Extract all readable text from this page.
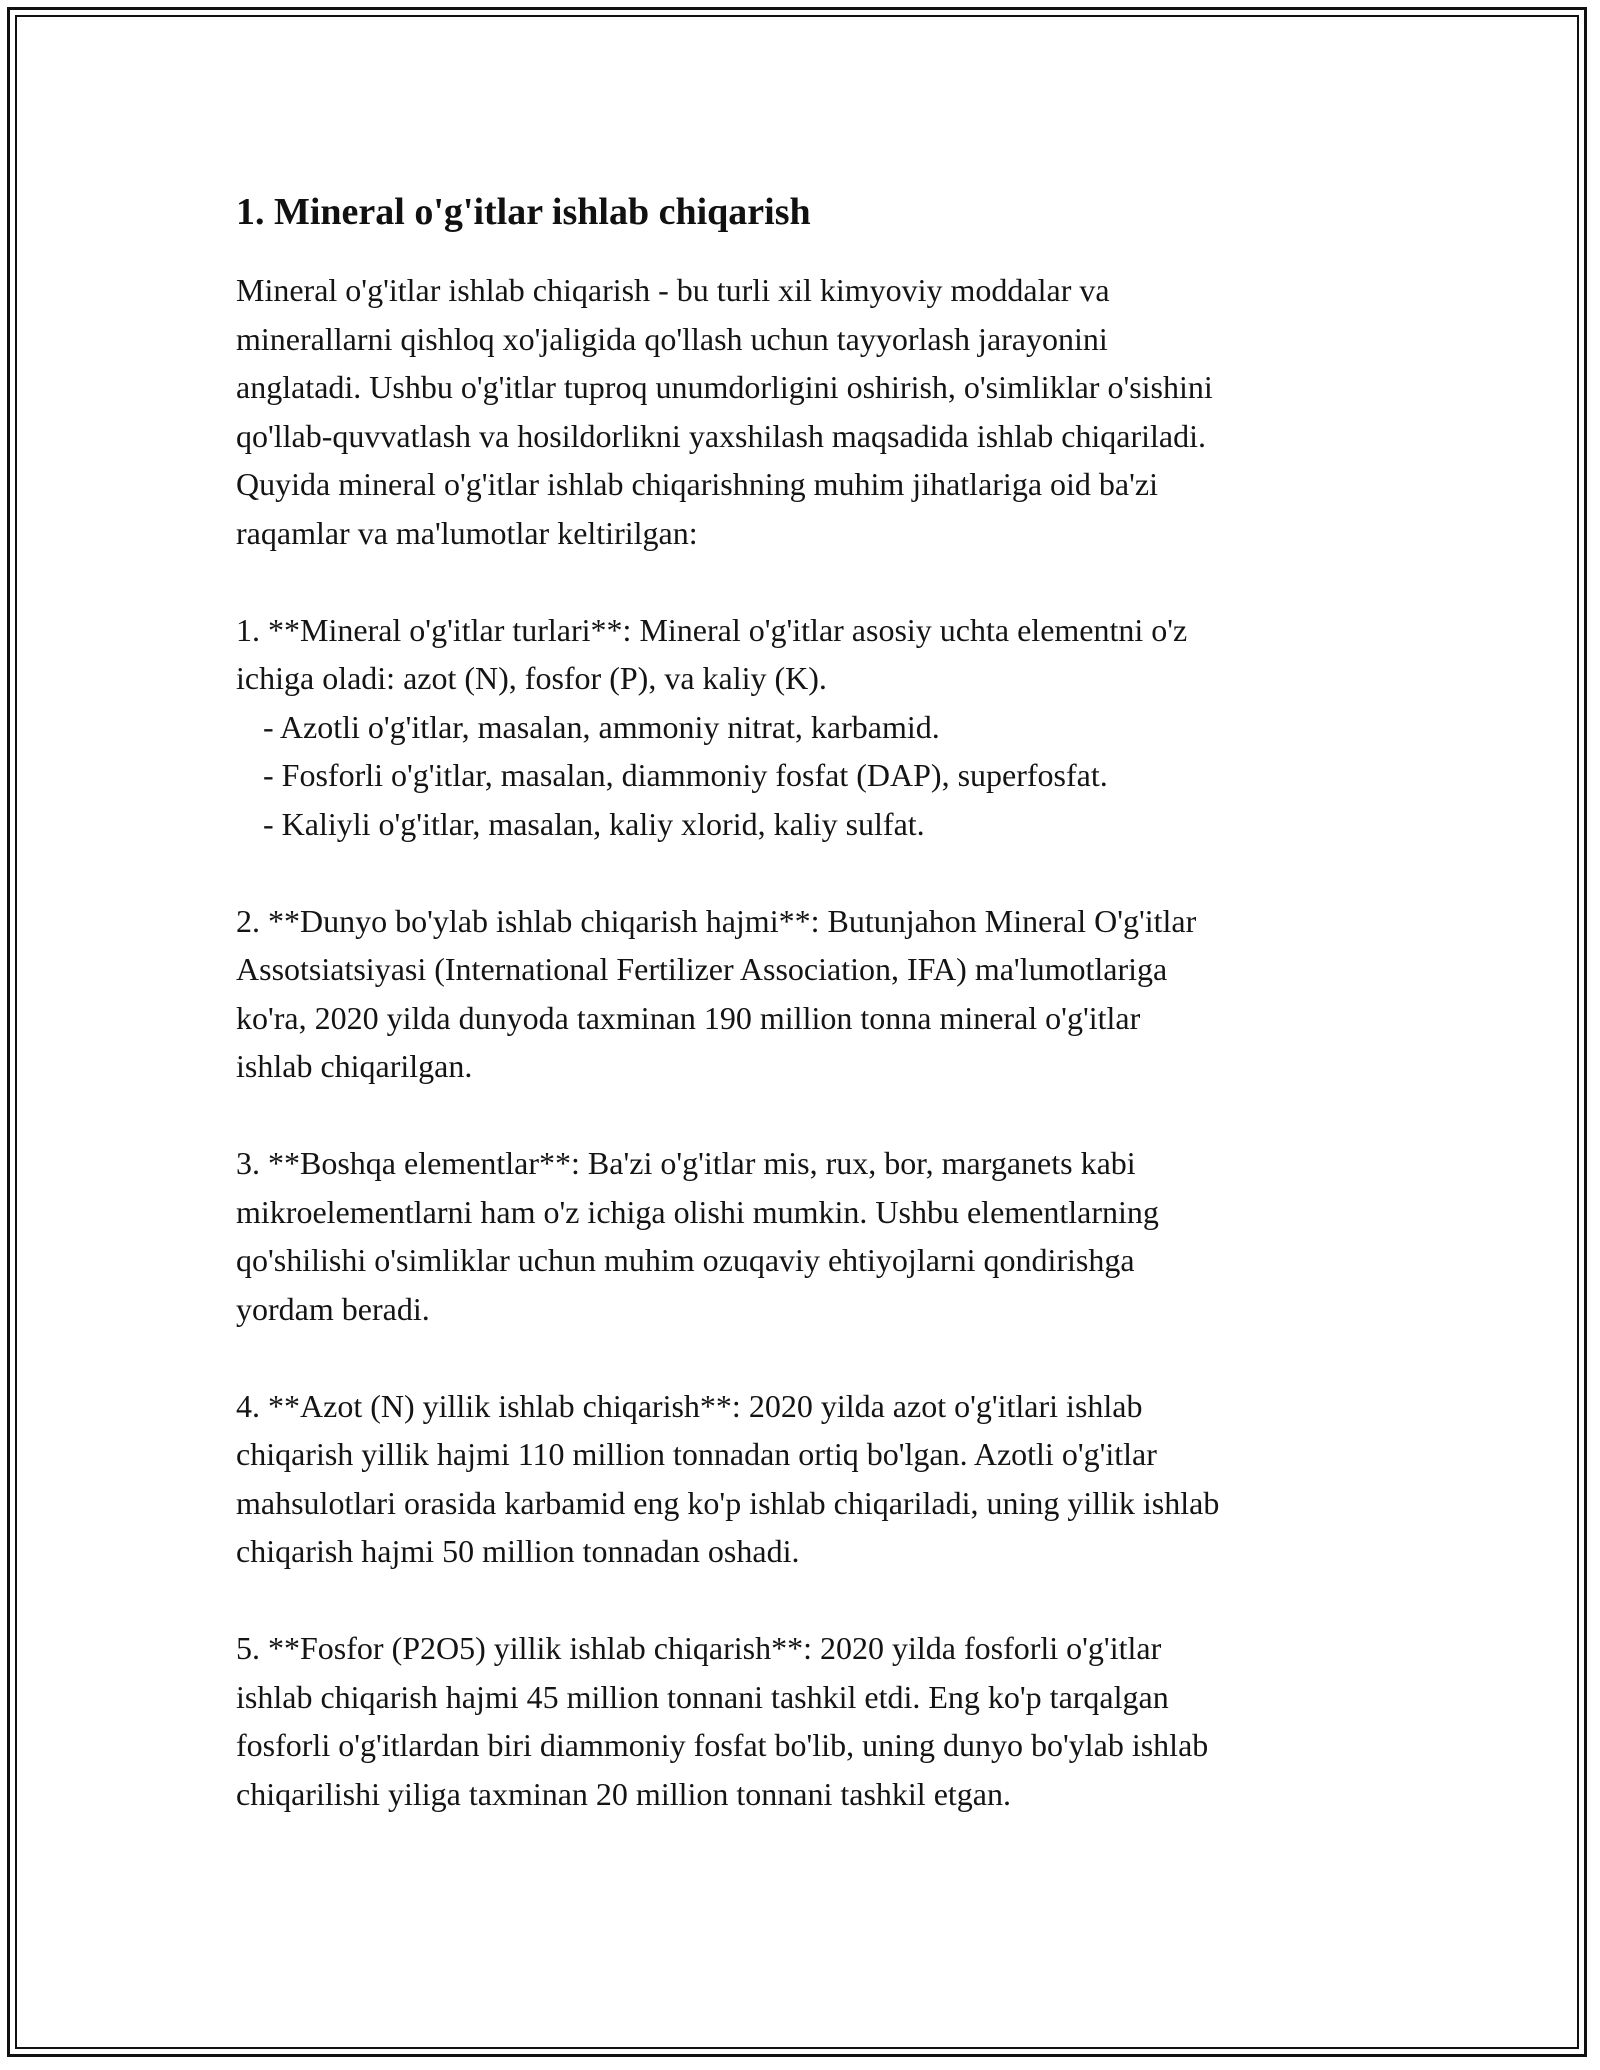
1. Mineral o'g'itlar ishlab chiqarish

Mineral o'g'itlar ishlab chiqarish - bu turli xil kimyoviy moddalar va

minerallarni qishloq xo'jaligida qo'llash uchun tayyorlash jarayonini

anglatadi. Ushbu o'g'itlar tuproq unumdorligini oshirish, o'simliklar o'sishini

qo'llab-quvvatlash va hosildorlikni yaxshilash maqsadida ishlab chiqariladi.

Quyida mineral o'g'itlar ishlab chiqarishning muhim jihatlariga oid ba'zi

raqamlar va ma'lumotlar keltirilgan:

1. **Mineral o'g'itlar turlari**: Mineral o'g'itlar asosiy uchta elementni o'z

ichiga oladi: azot (N), fosfor (P), va kaliy (K).

- Azotli o'g'itlar, masalan, ammoniy nitrat, karbamid.

- Fosforli o'g'itlar, masalan, diammoniy fosfat (DAP), superfosfat.

- Kaliyli o'g'itlar, masalan, kaliy xlorid, kaliy sulfat.

2. **Dunyo bo'ylab ishlab chiqarish hajmi**: Butunjahon Mineral O'g'itlar

Assotsiatsiyasi (International Fertilizer Association, IFA) ma'lumotlariga

ko'ra, 2020 yilda dunyoda taxminan 190 million tonna mineral o'g'itlar

ishlab chiqarilgan.

3. **Boshqa elementlar**: Ba'zi o'g'itlar mis, rux, bor, marganets kabi

mikroelementlarni ham o'z ichiga olishi mumkin. Ushbu elementlarning

qo'shilishi o'simliklar uchun muhim ozuqaviy ehtiyojlarni qondirishga

yordam beradi.

4. **Azot (N) yillik ishlab chiqarish**: 2020 yilda azot o'g'itlari ishlab

chiqarish yillik hajmi 110 million tonnadan ortiq bo'lgan. Azotli o'g'itlar

mahsulotlari orasida karbamid eng ko'p ishlab chiqariladi, uning yillik ishlab

chiqarish hajmi 50 million tonnadan oshadi.

5. **Fosfor (P2O5) yillik ishlab chiqarish**: 2020 yilda fosforli o'g'itlar

ishlab chiqarish hajmi 45 million tonnani tashkil etdi. Eng ko'p tarqalgan

fosforli o'g'itlardan biri diammoniy fosfat bo'lib, uning dunyo bo'ylab ishlab

chiqarilishi yiliga taxminan 20 million tonnani tashkil etgan.
